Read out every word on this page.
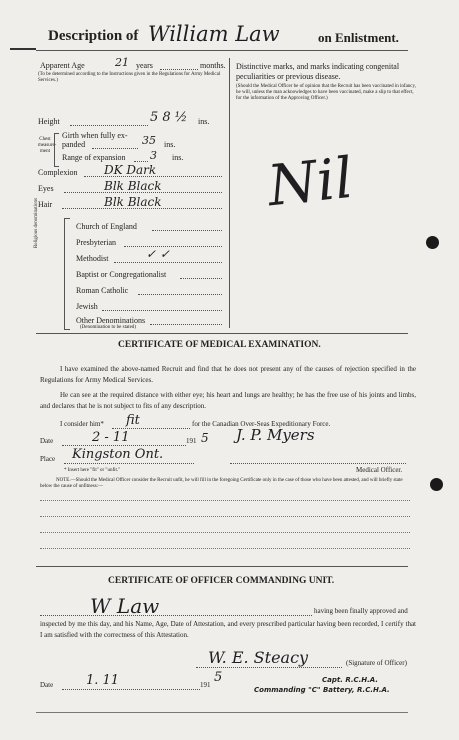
Description of William Law	on Enlistment.
Apparent Age	21 years	months.
(To be determined according to the Instructions given in the Regulations for Army Medical Services.)
Height	5 8 ½ ins.
Chest measure-ment
Girth when fully ex-panded	35 ins.
Range of expansion 3 ins.
Complexion DK Dark
Eyes	Blk Black
Hair	Blk Black
Religious denominations	Church of England
Presbyterian
Methodist	✓ ✓
Baptist or Congregationalist
Roman Catholic
Jewish
Other Denominations
(Denomination to be stated)
Distinctive marks, and marks indicating congenital peculiarities or previous disease.
(Should the Medical Officer be of opinion that the Recruit has been vaccinated in infancy, he will, unless the man acknowledges to have been vaccinated, make a slip to that effect, for the information of the Approving Officer.)
Nil
CERTIFICATE OF MEDICAL EXAMINATION.
I have examined the above-named Recruit and find that he does not present any of the causes of rejection specified in the Regulations for Army Medical Services.
He can see at the required distance with either eye; his heart and lungs are healthy; he has the free use of his joints and limbs, and declares that he is not subject to fits of any description.
I consider him* fit	for the Canadian Over-Seas Expeditionary Force.
Date	2 - 11	191 5 J. P. Myers
Place Kingston Ont.
Medical Officer.
* Insert here "fit" or "unfit."
NOTE.—Should the Medical Officer consider the Recruit unfit, he will fill in the foregoing Certificate only in the case of those who have been attested, and will briefly state below the cause of unfitness:—
CERTIFICATE OF OFFICER COMMANDING UNIT.
W Law	having been finally approved and
inspected by me this day, and his Name, Age, Date of Attestation, and every prescribed particular having been recorded, I certify that I am satisfied with the correctness of this Attestation.
W. E. Steacy	(Signature of Officer)
Date	1. 11	191 5	Capt. R.C.H.A.
Commanding "C" Battery, R.C.H.A.
